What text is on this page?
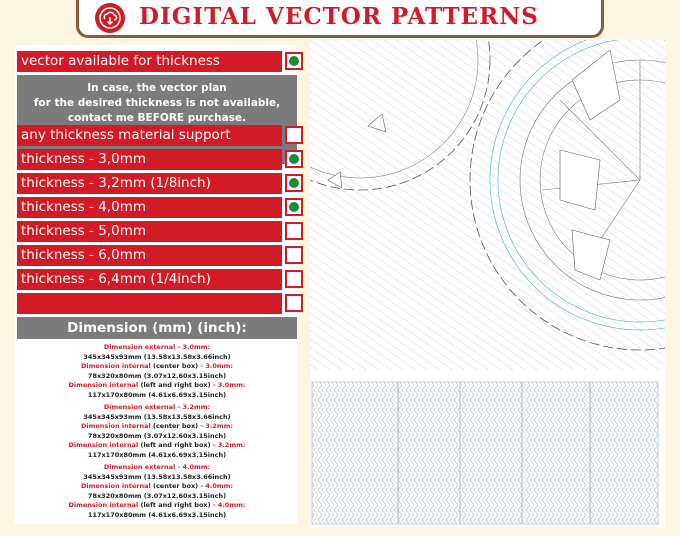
DIGITAL VECTOR PATTERNS
vector available for thickness
In case, the vector plan
for the desired thickness is not available,
contact me BEFORE purchase.
any thickness material support
thickness - 3,0mm
thickness - 3,2mm (1/8inch)
thickness - 4,0mm
thickness - 5,0mm
thickness - 6,0mm
thickness - 6,4mm (1/4inch)
Dimension (mm) (inch):
Dimension external - 3.0mm:
345x345x93mm (13.58x13.58x3.66inch)
Dimension internal (center box) - 3.0mm:
78x320x80mm (3.07x12.60x3.15inch)
Dimension internal (left and right box) - 3.0mm:
117x170x80mm (4.61x6.69x3.15inch)
Dimension external - 3.2mm:
345x345x93mm (13.58x13.58x3.66inch)
Dimension internal (center box) - 3.2mm:
78x320x80mm (3.07x12.60x3.15inch)
Dimension internal (left and right box) - 3.2mm:
117x170x80mm (4.61x6.69x3.15inch)
Dimension external - 4.0mm:
345x345x93mm (13.58x13.58x3.66inch)
Dimension internal (center box) - 4.0mm:
78x320x80mm (3.07x12.60x3.15inch)
Dimension internal (left and right box) - 4.0mm:
117x170x80mm (4.61x6.69x3.15inch)
